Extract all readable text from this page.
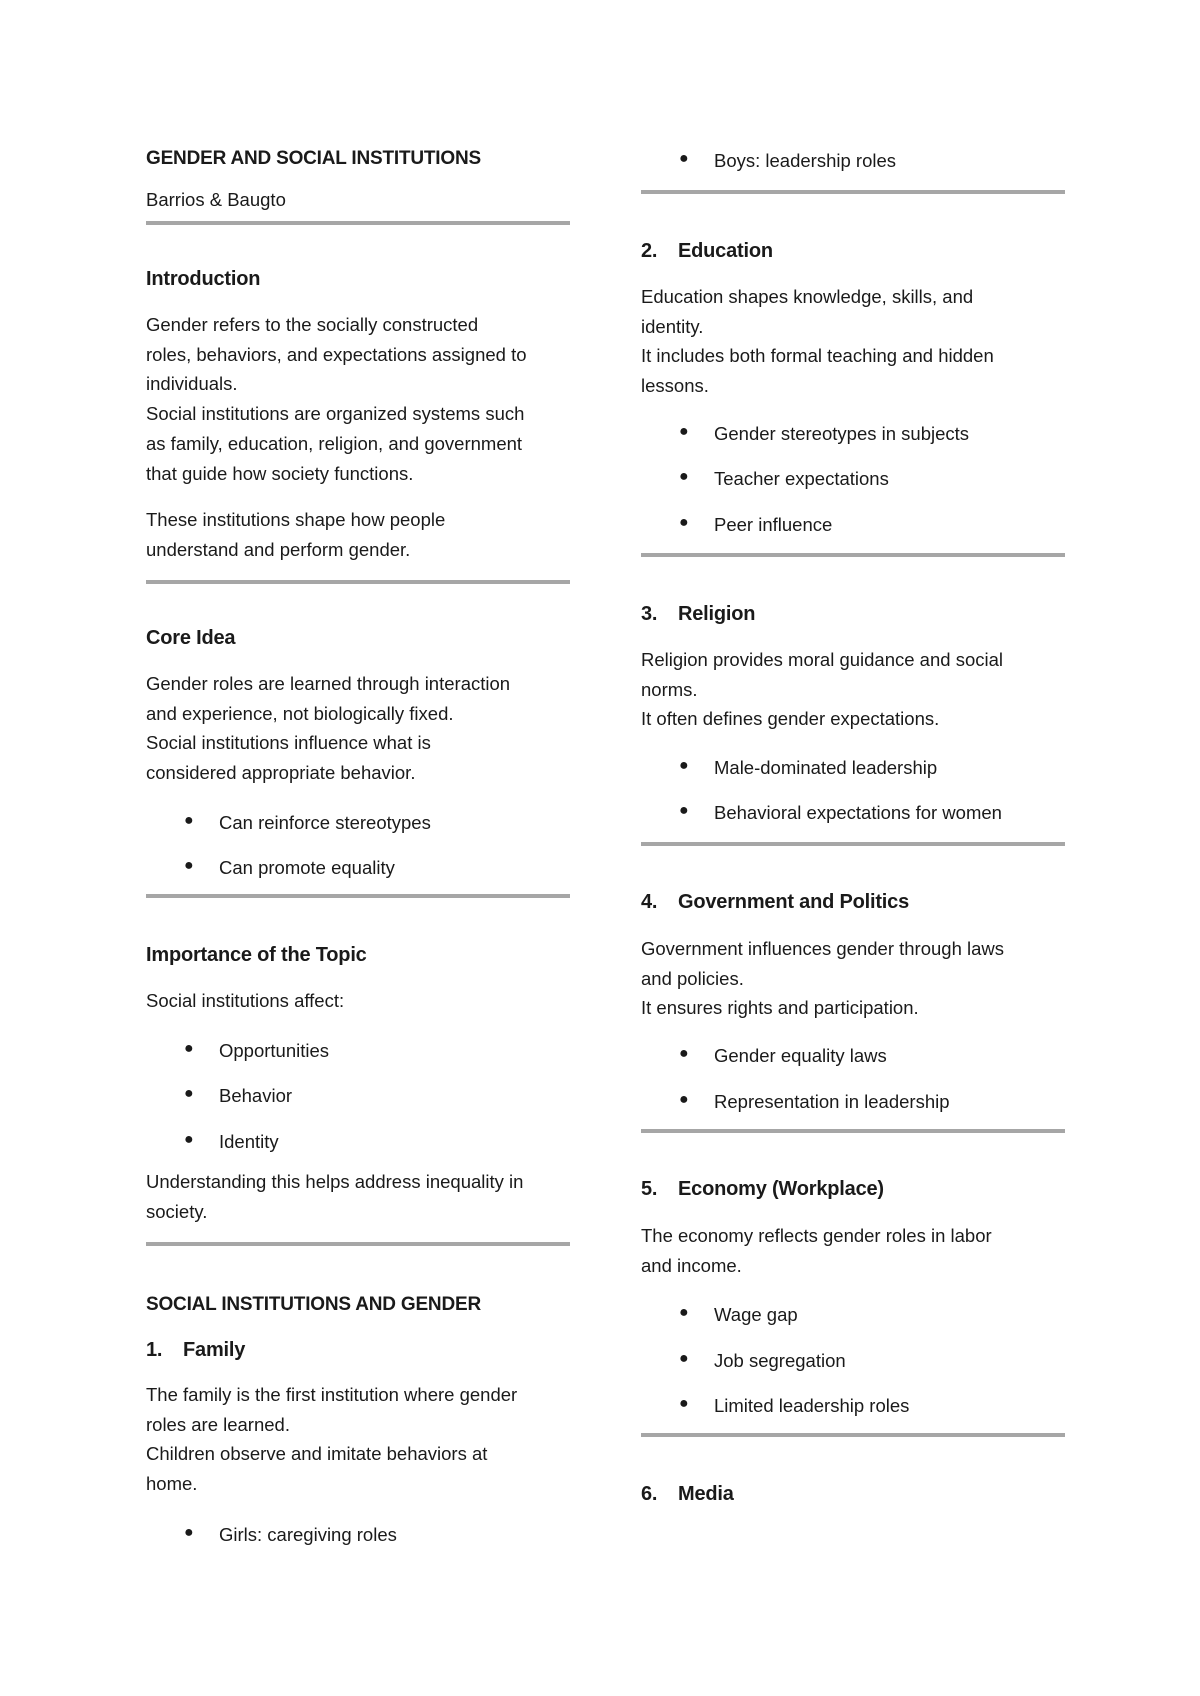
GENDER AND SOCIAL INSTITUTIONS
Barrios & Baugto
Introduction
Gender refers to the socially constructed
roles, behaviors, and expectations assigned to
individuals.
Social institutions are organized systems such
as family, education, religion, and government
that guide how society functions.
These institutions shape how people
understand and perform gender.
Core Idea
Gender roles are learned through interaction
and experience, not biologically fixed.
Social institutions influence what is
considered appropriate behavior.
● Can reinforce stereotypes
● Can promote equality
Importance of the Topic
Social institutions affect:
● Opportunities
● Behavior
● Identity
Understanding this helps address inequality in
society.
SOCIAL INSTITUTIONS AND GENDER
1. Family
The family is the first institution where gender
roles are learned.
Children observe and imitate behaviors at
home.
● Girls: caregiving roles
● Boys: leadership roles
2. Education
Education shapes knowledge, skills, and
identity.
It includes both formal teaching and hidden
lessons.
● Gender stereotypes in subjects
● Teacher expectations
● Peer influence
3. Religion
Religion provides moral guidance and social
norms.
It often defines gender expectations.
● Male-dominated leadership
● Behavioral expectations for women
4. Government and Politics
Government influences gender through laws
and policies.
It ensures rights and participation.
● Gender equality laws
● Representation in leadership
5. Economy (Workplace)
The economy reflects gender roles in labor
and income.
● Wage gap
● Job segregation
● Limited leadership roles
6. Media
